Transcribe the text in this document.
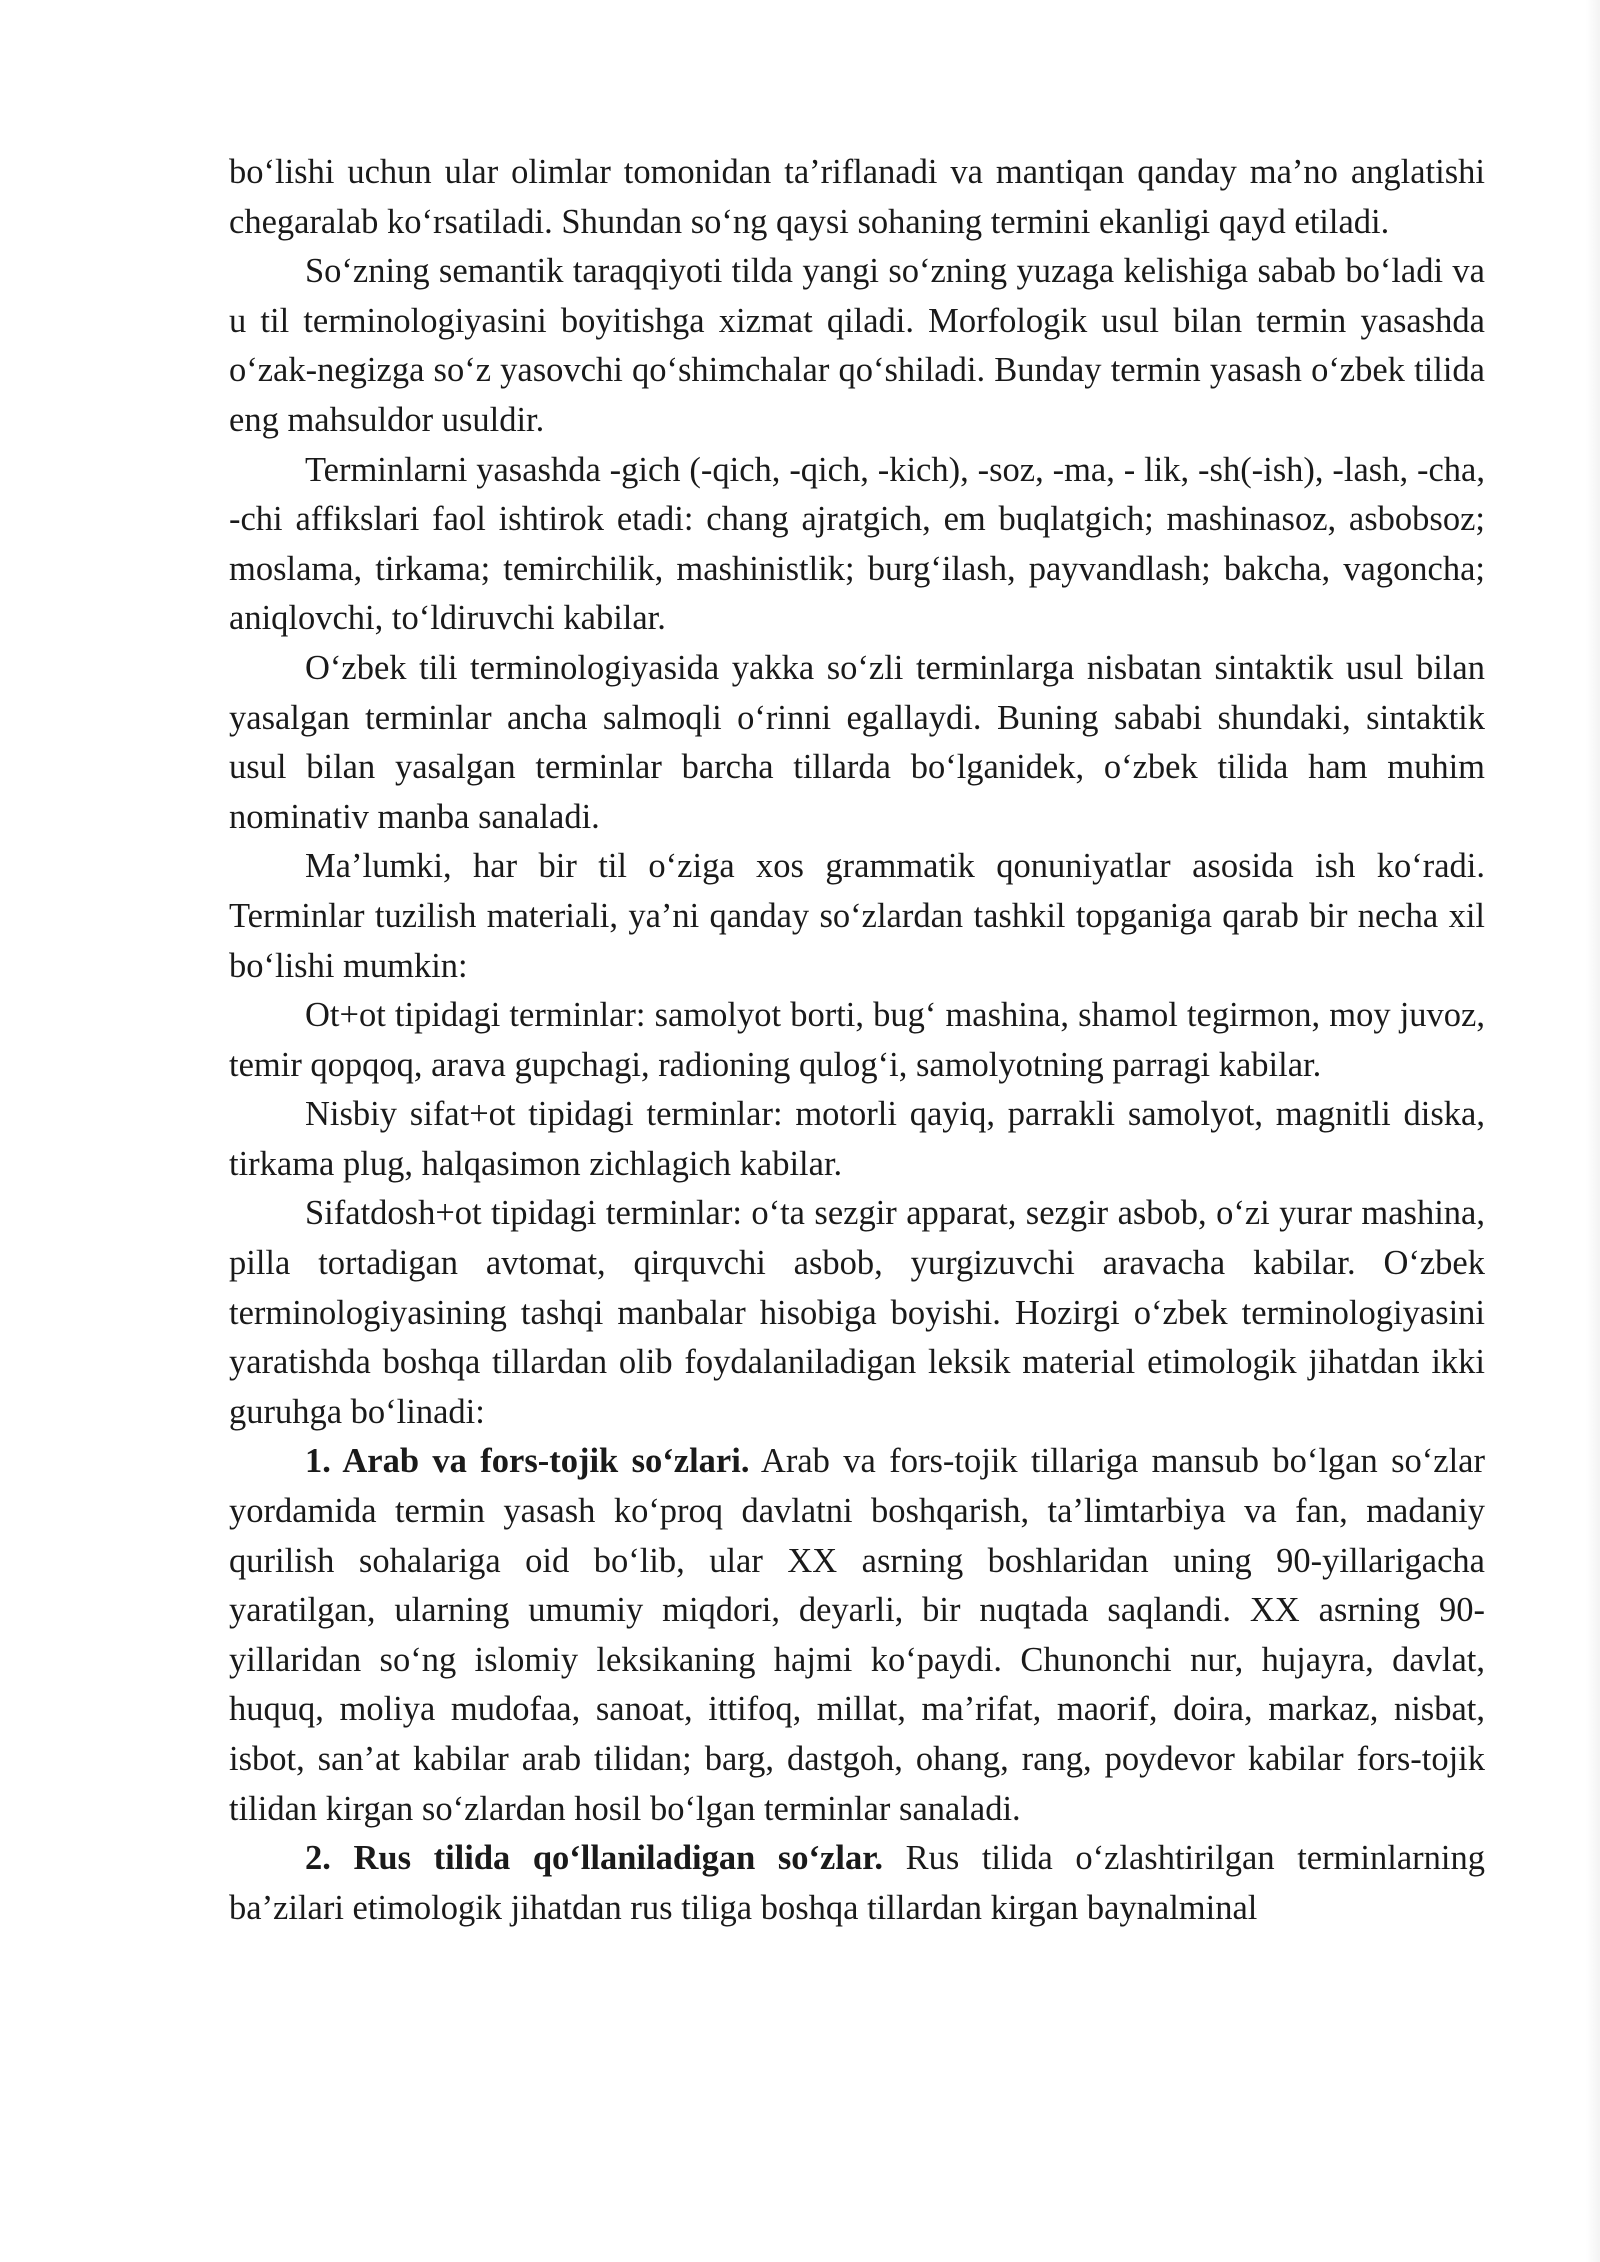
bo‘lishi uchun ular olimlar tomonidan ta’riflanadi va mantiqan qanday ma’no anglatishi chegaralab ko‘rsatiladi. Shundan so‘ng qaysi sohaning termini ekanligi qayd etiladi.

So‘zning semantik taraqqiyoti tilda yangi so‘zning yuzaga kelishiga sabab bo‘ladi va u til terminologiyasini boyitishga xizmat qiladi. Morfologik usul bilan termin yasashda o‘zak-negizga so‘z yasovchi qo‘shimchalar qo‘shiladi. Bunday termin yasash o‘zbek tilida eng mahsuldor usuldir.

Terminlarni yasashda -gich (-qich, -qich, -kich), -soz, -ma, - lik, -sh(-ish), -lash, -cha, -chi affikslari faol ishtirok etadi: chang ajratgich, em buqlatgich; mashinasoz, asbobsoz; moslama, tirkama; temirchilik, mashinistlik; burg‘ilash, payvandlash; bakcha, vagoncha; aniqlovchi, to‘ldiruvchi kabilar.

O‘zbek tili terminologiyasida yakka so‘zli terminlarga nisbatan sintaktik usul bilan yasalgan terminlar ancha salmoqli o‘rinni egallaydi. Buning sababi shundaki, sintaktik usul bilan yasalgan terminlar barcha tillarda bo‘lganidek, o‘zbek tilida ham muhim nominativ manba sanaladi.

Ma’lumki, har bir til o‘ziga xos grammatik qonuniyatlar asosida ish ko‘radi. Terminlar tuzilish materiali, ya’ni qanday so‘zlardan tashkil topganiga qarab bir necha xil bo‘lishi mumkin:

Ot+ot tipidagi terminlar: samolyot borti, bug‘ mashina, shamol tegirmon, moy juvoz, temir qopqoq, arava gupchagi, radioning qulog‘i, samolyotning parragi kabilar.

Nisbiy sifat+ot tipidagi terminlar: motorli qayiq, parrakli samolyot, magnitli diska, tirkama plug, halqasimon zichlagich kabilar.

Sifatdosh+ot tipidagi terminlar: o‘ta sezgir apparat, sezgir asbob, o‘zi yurar mashina, pilla tortadigan avtomat, qirquvchi asbob, yurgizuvchi aravacha kabilar. O‘zbek terminologiyasining tashqi manbalar hisobiga boyishi. Hozirgi o‘zbek terminologiyasini yaratishda boshqa tillardan olib foydalaniladigan leksik material etimologik jihatdan ikki guruhga bo‘linadi:

1. Arab va fors-tojik so‘zlari. Arab va fors-tojik tillariga mansub bo‘lgan so‘zlar yordamida termin yasash ko‘proq davlatni boshqarish, ta’limtarbiya va fan, madaniy qurilish sohalariga oid bo‘lib, ular XX asrning boshlaridan uning 90-yillarigacha yaratilgan, ularning umumiy miqdori, deyarli, bir nuqtada saqlandi. XX asrning 90-yillaridan so‘ng islomiy leksikaning hajmi ko‘paydi. Chunonchi nur, hujayra, davlat, huquq, moliya mudofaa, sanoat, ittifoq, millat, ma’rifat, maorif, doira, markaz, nisbat, isbot, san’at kabilar arab tilidan; barg, dastgoh, ohang, rang, poydevor kabilar fors-tojik tilidan kirgan so‘zlardan hosil bo‘lgan terminlar sanaladi.

2. Rus tilida qo‘llaniladigan so‘zlar. Rus tilida o‘zlashtirilgan terminlarning ba’zilari etimologik jihatdan rus tiliga boshqa tillardan kirgan baynalminal
